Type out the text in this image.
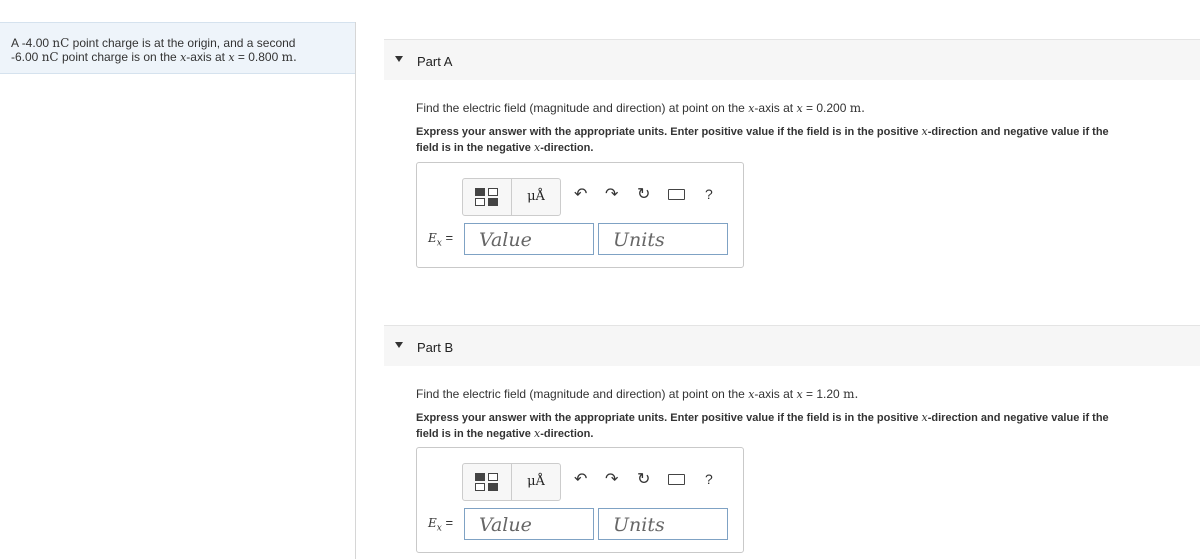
A -4.00 nC point charge is at the origin, and a second
-6.00 nC point charge is on the x-axis at x = 0.800 m.	Part A
Find the electric field (magnitude and direction) at point on the x-axis at x = 0.200 m.
Express your answer with the appropriate units. Enter positive value if the field is in the positive x-direction and negative value if the
field is in the negative x-direction.
μÅ	↶ ↷ ↻	?
$E_x$ =	Value	Units
Part B
Find the electric field (magnitude and direction) at point on the x-axis at x = 1.20 m.
Express your answer with the appropriate units. Enter positive value if the field is in the positive x-direction and negative value if the
field is in the negative x-direction.
μÅ	↶ ↷ ↻	?
$E_x$ =	Value	Units
